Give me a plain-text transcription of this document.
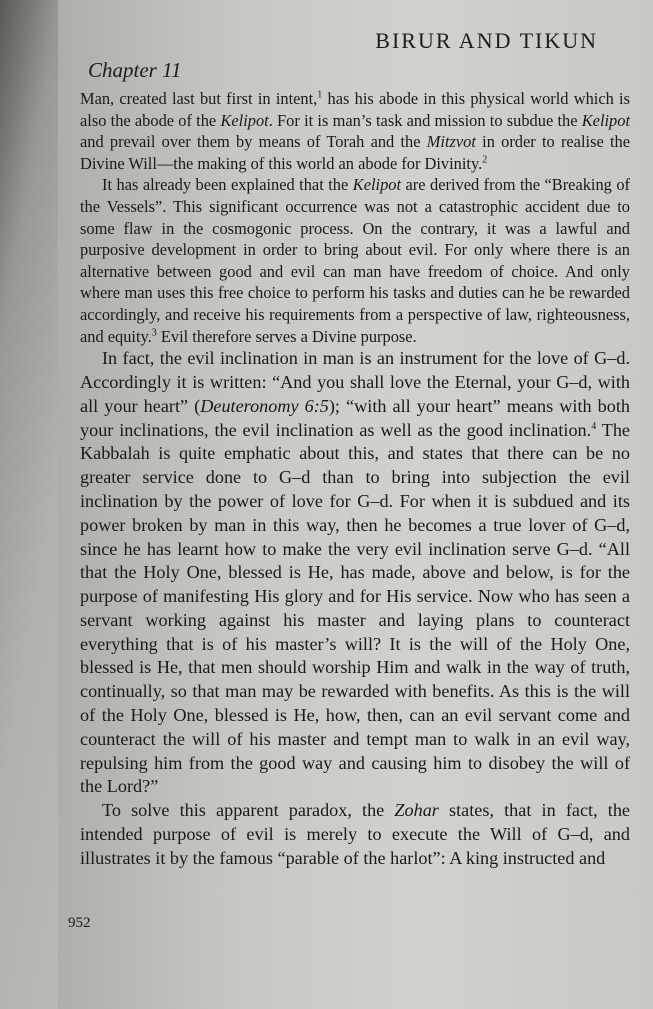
Chapter 11
BIRUR AND TIKUN

Man, created last but first in intent,$^1$ has his abode in this physical world which is also the abode of the Kelipot. For it is man’s task and mission to subdue the Kelipot and prevail over them by means of Torah and the Mitzvot in order to realise the Divine Will—the making of this world an abode for Divinity.$^2$

It has already been explained that the Kelipot are derived from the “Breaking of the Vessels”. This significant occurrence was not a catastrophic accident due to some flaw in the cosmogonic process. On the contrary, it was a lawful and purposive development in order to bring about evil. For only where there is an alternative between good and evil can man have freedom of choice. And only where man uses this free choice to perform his tasks and duties can he be rewarded accordingly, and receive his requirements from a perspective of law, righteousness, and equity.$^3$ Evil therefore serves a Divine purpose.

In fact, the evil inclination in man is an instrument for the love of G–d. Accordingly it is written: “And you shall love the Eternal, your G–d, with all your heart” (Deuteronomy 6:5); “with all your heart” means with both your inclinations, the evil inclination as well as the good inclination.$^4$ The Kabbalah is quite emphatic about this, and states that there can be no greater service done to G–d than to bring into subjection the evil inclination by the power of love for G–d. For when it is subdued and its power broken by man in this way, then he becomes a true lover of G–d, since he has learnt how to make the very evil inclination serve G–d. “All that the Holy One, blessed is He, has made, above and below, is for the purpose of manifesting His glory and for His service. Now who has seen a servant working against his master and laying plans to counteract everything that is of his master’s will? It is the will of the Holy One, blessed is He, that men should worship Him and walk in the way of truth, continually, so that man may be rewarded with benefits. As this is the will of the Holy One, blessed is He, how, then, can an evil servant come and counteract the will of his master and tempt man to walk in an evil way, repulsing him from the good way and causing him to disobey the will of the Lord?”

To solve this apparent paradox, the Zohar states, that in fact, the intended purpose of evil is merely to execute the Will of G–d, and illustrates it by the famous “parable of the harlot”: A king instructed and

952
